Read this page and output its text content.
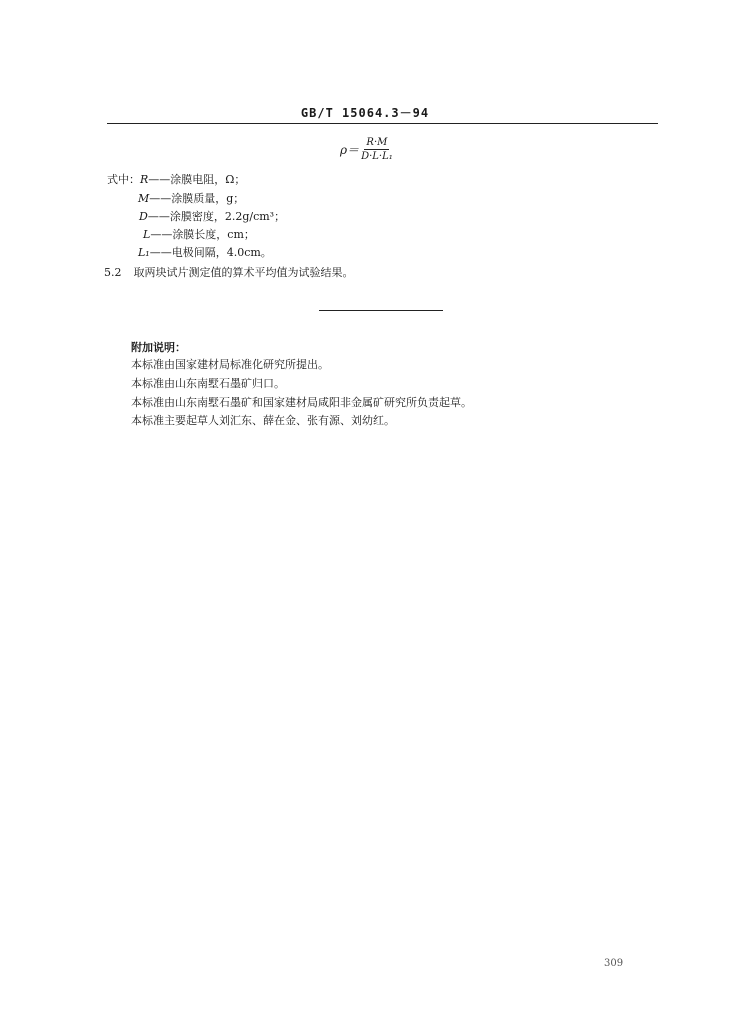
GB/T 15064.3－94
$\rho= \frac{R\cdot M}{\text{D·L·L₁}}$
式中：R——涂膜电阻，Ω；
M——涂膜质量，g；
D——涂膜密度，2.2g/cm³；
L——涂膜长度，cm；
L₁——电极间隔，4.0cm。
5.2 取两块试片测定值的算术平均值为试验结果。
附加说明：
本标准由国家建材局标准化研究所提出。
本标准由山东南墅石墨矿归口。
本标准由山东南墅石墨矿和国家建材局咸阳非金属矿研究所负责起草。
本标准主要起草人刘汇东、薛在金、张有源、刘幼红。
309
